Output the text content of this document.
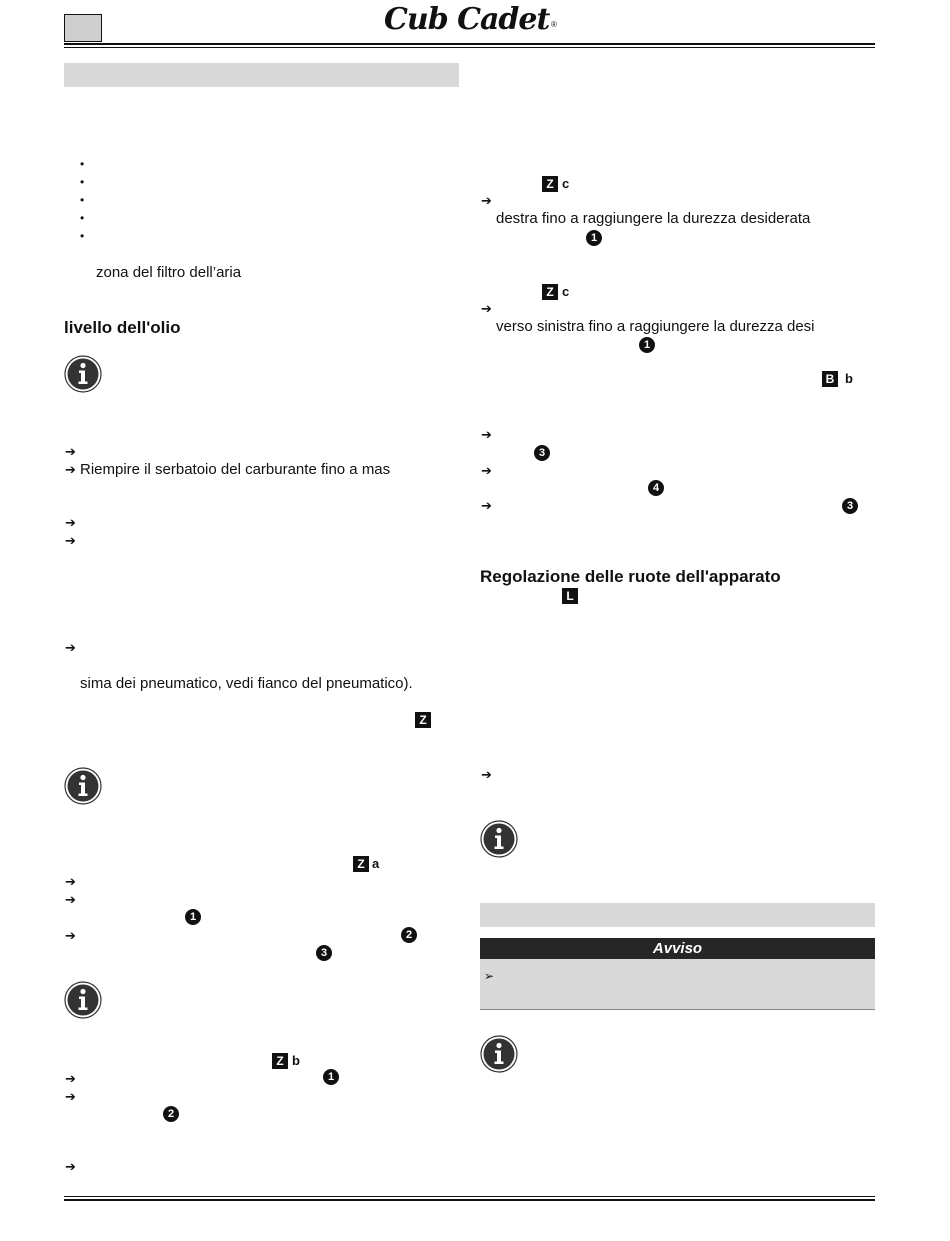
Cub Cadet ®
•
•
•
•
•
zona del filtro dell’aria
livello dell'olio
➔
➔ Riempire il serbatoio del carburante fino a mas
➔
➔
➔
sima dei pneumatico, vedi fianco del pneumatico).
Z
Z a
➔
➔
1
➔	2
3
Z b
➔	1
➔
2
➔
Z c
➔
destra fino a raggiungere la durezza desiderata
1
Z c
➔
verso sinistra fino a raggiungere la durezza desi
1
B b
➔
3
➔
4
➔	3
Regolazione delle ruote dell'apparato
L
➔
Avviso
➢
